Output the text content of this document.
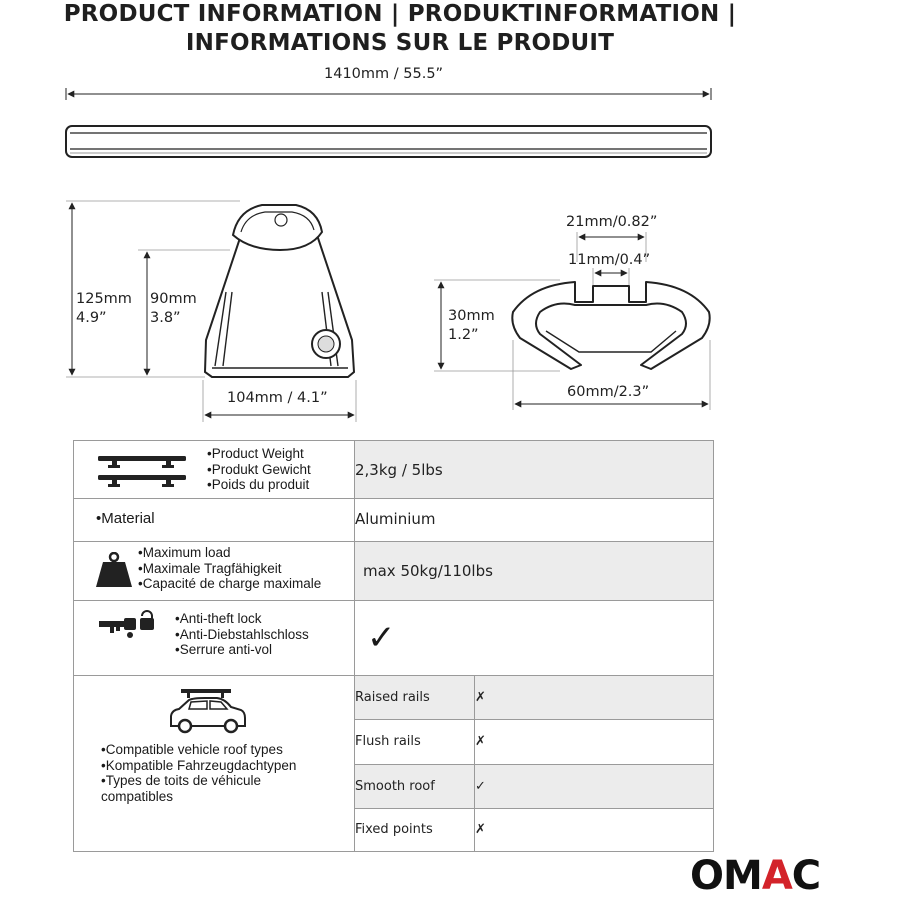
PRODUCT INFORMATION | PRODUKTINFORMATION |
INFORMATIONS SUR LE PRODUIT
1410mm / 55.5”
125mm
4.9”
90mm
3.8”
104mm / 4.1”
21mm/0.82”
11mm/0.4”
30mm
1.2”
60mm/2.3”
•Product Weight
•Produkt Gewicht
•Poids du produit	2,3kg / 5lbs	

•Material	Aluminium	

•Maximum load
•Maximale Tragfähigkeit
•Capacité de charge maximale	max 50kg/110lbs	

•Anti-theft lock
•Anti-Diebstahlschloss
•Serrure anti-vol	✓	

•Compatible vehicle roof types
•Kompatible Fahrzeugdachtypen
•Types de toits de véhicule
compatibles	Raised rails	✗
	Flush rails	✗
	Smooth roof	✓
	Fixed points	✗
OMAC
